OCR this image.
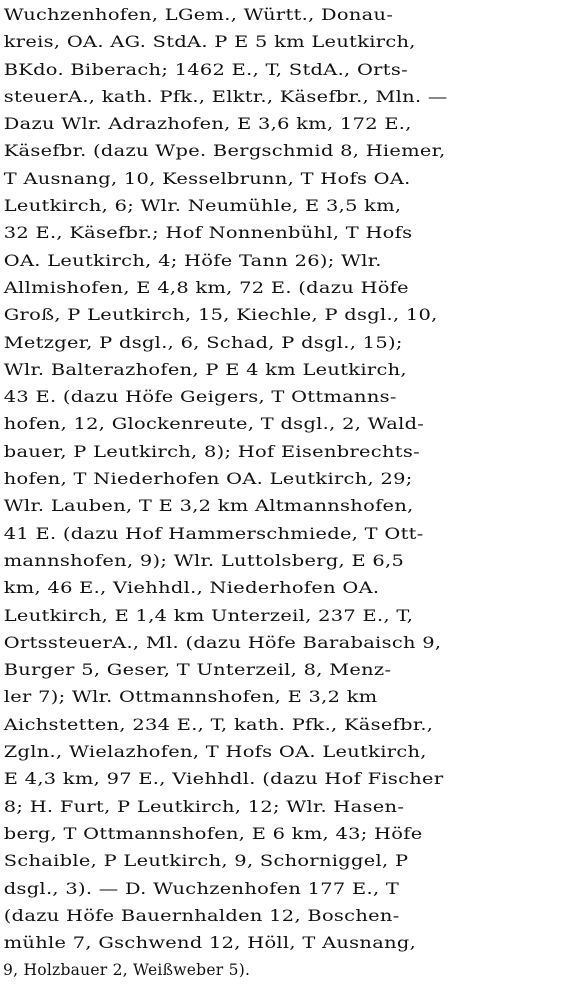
Wuchzenhofen, LGem., Württ., Donau-
kreis, OA. AG. StdA. P E 5 km Leutkirch,
BKdo. Biberach; 1462 E., T, StdA., Orts-
steuerA., kath. Pfk., Elktr., Käsefbr., Mln. —
Dazu Wlr. Adrazhofen, E 3,6 km, 172 E.,
Käsefbr. (dazu Wpe. Bergschmid 8, Hiemer,
T Ausnang, 10, Kesselbrunn, T Hofs OA.
Leutkirch, 6; Wlr. Neumühle, E 3,5 km,
32 E., Käsefbr.; Hof Nonnenbühl, T Hofs
OA. Leutkirch, 4; Höfe Tann 26); Wlr.
Allmishofen, E 4,8 km, 72 E. (dazu Höfe
Groß, P Leutkirch, 15, Kiechle, P dsgl., 10,
Metzger, P dsgl., 6, Schad, P dsgl., 15);
Wlr. Balterazhofen, P E 4 km Leutkirch,
43 E. (dazu Höfe Geigers, T Ottmanns-
hofen, 12, Glockenreute, T dsgl., 2, Wald-
bauer, P Leutkirch, 8); Hof Eisenbrechts-
hofen, T Niederhofen OA. Leutkirch, 29;
Wlr. Lauben, T E 3,2 km Altmannshofen,
41 E. (dazu Hof Hammerschmiede, T Ott-
mannshofen, 9); Wlr. Luttolsberg, E 6,5
km, 46 E., Viehhdl., Niederhofen OA.
Leutkirch, E 1,4 km Unterzeil, 237 E., T,
OrtssteuerA., Ml. (dazu Höfe Barabaisch 9,
Burger 5, Geser, T Unterzeil, 8, Menz-
ler 7); Wlr. Ottmannshofen, E 3,2 km
Aichstetten, 234 E., T, kath. Pfk., Käsefbr.,
Zgln., Wielazhofen, T Hofs OA. Leutkirch,
E 4,3 km, 97 E., Viehhdl. (dazu Hof Fischer
8; H. Furt, P Leutkirch, 12; Wlr. Hasen-
berg, T Ottmannshofen, E 6 km, 43; Höfe
Schaible, P Leutkirch, 9, Schorniggel, P
dsgl., 3). — D. Wuchzenhofen 177 E., T
(dazu Höfe Bauernhalden 12, Boschen-
mühle 7, Gschwend 12, Höll, T Ausnang,
9, Holzbauer 2, Weißweber 5).
